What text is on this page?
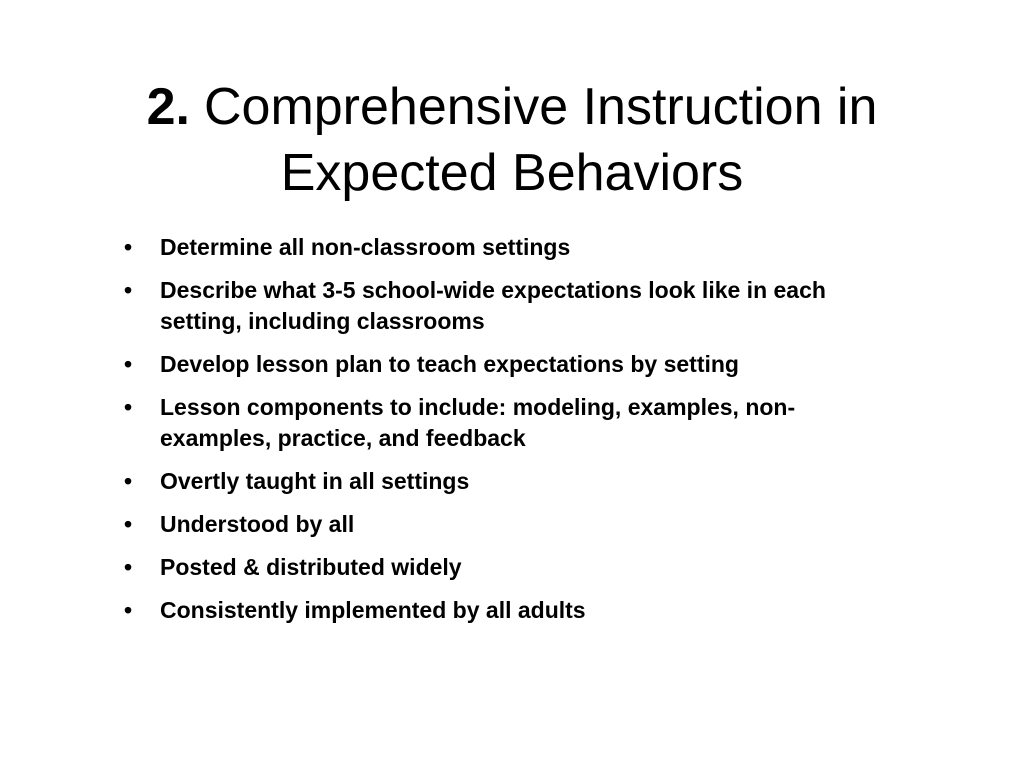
2. Comprehensive Instruction in Expected Behaviors
• Determine all non-classroom settings
• Describe what 3-5 school-wide expectations look like in each setting, including classrooms
• Develop lesson plan to teach expectations by setting
• Lesson components to include: modeling, examples, non-examples, practice, and feedback
• Overtly taught in all settings
• Understood by all
• Posted & distributed widely
• Consistently implemented by all adults
